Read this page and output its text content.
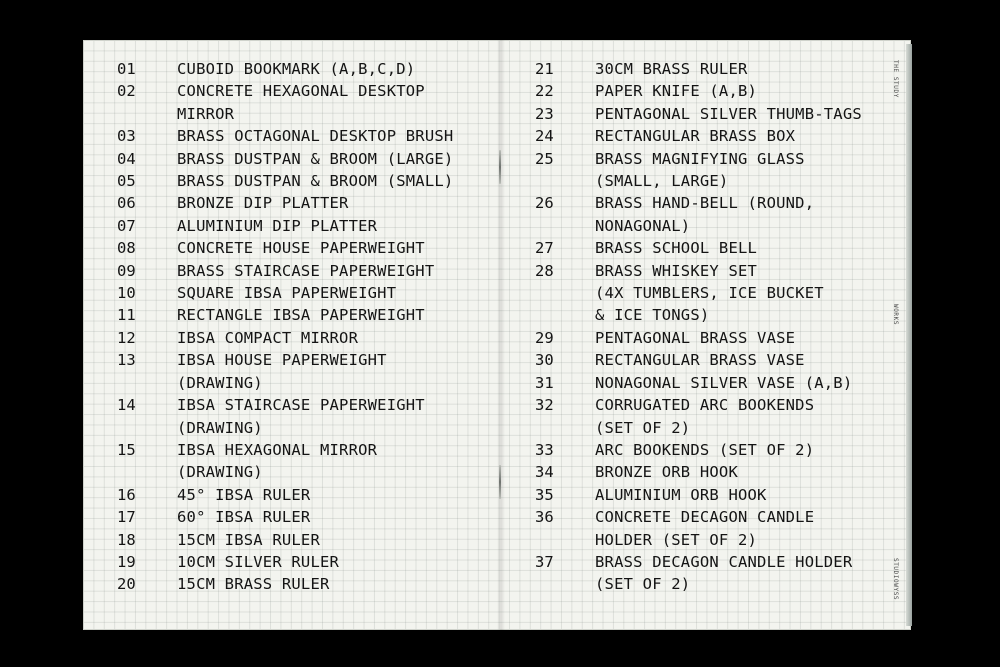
01	CUBOID BOOKMARK (A,B,C,D)
02	CONCRETE HEXAGONAL DESKTOP
MIRROR
03	BRASS OCTAGONAL DESKTOP BRUSH
04	BRASS DUSTPAN & BROOM (LARGE)
05	BRASS DUSTPAN & BROOM (SMALL)
06	BRONZE DIP PLATTER
07	ALUMINIUM DIP PLATTER
08	CONCRETE HOUSE PAPERWEIGHT
09	BRASS STAIRCASE PAPERWEIGHT
10	SQUARE IBSA PAPERWEIGHT
11	RECTANGLE IBSA PAPERWEIGHT
12	IBSA COMPACT MIRROR
13	IBSA HOUSE PAPERWEIGHT
(DRAWING)
14	IBSA STAIRCASE PAPERWEIGHT
(DRAWING)
15	IBSA HEXAGONAL MIRROR
(DRAWING)
16	45° IBSA RULER
17	60° IBSA RULER
18	15CM IBSA RULER
19	10CM SILVER RULER
20	15CM BRASS RULER
21	30CM BRASS RULER
22	PAPER KNIFE (A,B)
23	PENTAGONAL SILVER THUMB-TAGS
24	RECTANGULAR BRASS BOX
25	BRASS MAGNIFYING GLASS
(SMALL, LARGE)
26	BRASS HAND-BELL (ROUND,
NONAGONAL)
27	BRASS SCHOOL BELL
28	BRASS WHISKEY SET
(4X TUMBLERS, ICE BUCKET
& ICE TONGS)
29	PENTAGONAL BRASS VASE
30	RECTANGULAR BRASS VASE
31	NONAGONAL SILVER VASE (A,B)
32	CORRUGATED ARC BOOKENDS
(SET OF 2)
33	ARC BOOKENDS (SET OF 2)
34	BRONZE ORB HOOK
35	ALUMINIUM ORB HOOK
36	CONCRETE DECAGON CANDLE
HOLDER (SET OF 2)
37	BRASS DECAGON CANDLE HOLDER
(SET OF 2)
THE STUDY
WORKS
STUDIOWYSS
